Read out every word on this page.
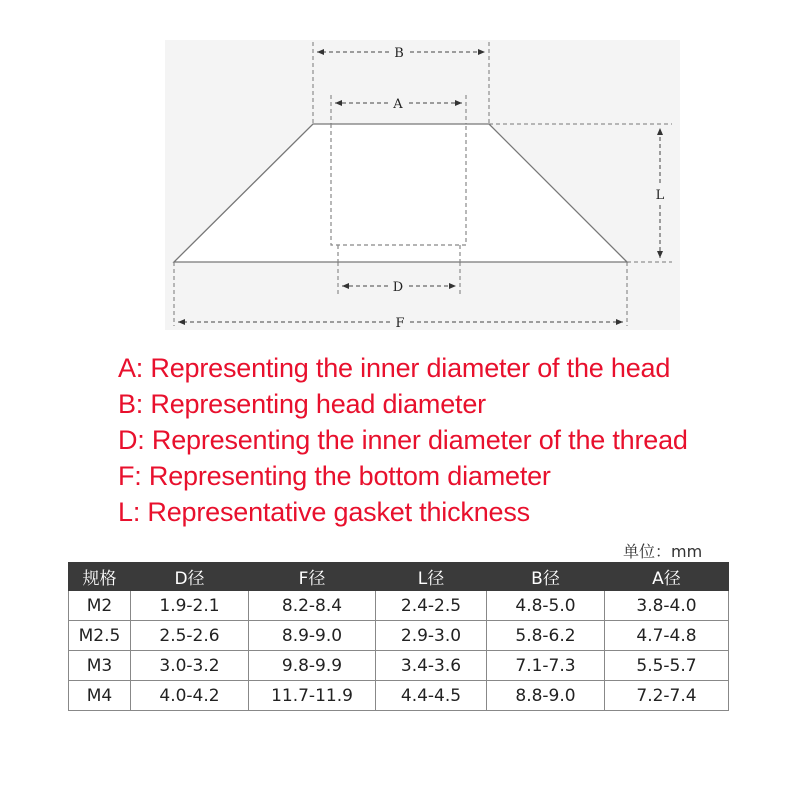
B
A
L
D
F
A: Representing the inner diameter of the head
B: Representing head diameter
D: Representing the inner diameter of the thread
F: Representing the bottom diameter
L: Representative gasket thickness
单位：mm
规格	D径	F径	L径	B径	A径
M2	1.9-2.1	8.2-8.4	2.4-2.5	4.8-5.0	3.8-4.0
M2.5	2.5-2.6	8.9-9.0	2.9-3.0	5.8-6.2	4.7-4.8
M3	3.0-3.2	9.8-9.9	3.4-3.6	7.1-7.3	5.5-5.7
M4	4.0-4.2	11.7-11.9	4.4-4.5	8.8-9.0	7.2-7.4
